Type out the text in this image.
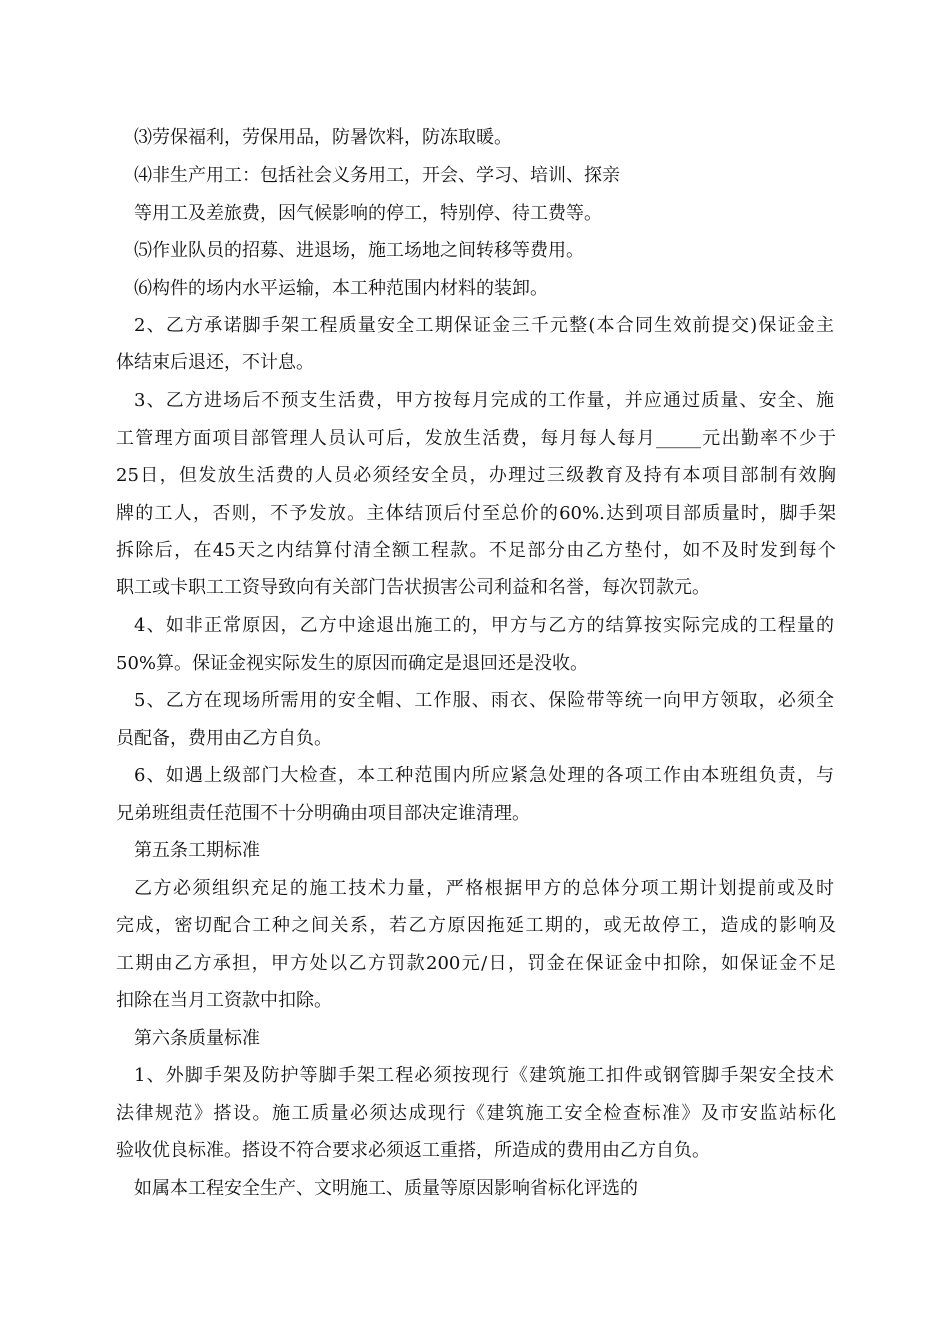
⑶劳保福利，劳保用品，防暑饮料，防冻取暖。
⑷非生产用工：包括社会义务用工，开会、学习、培训、探亲
等用工及差旅费，因气候影响的停工，特别停、待工费等。
⑸作业队员的招募、进退场，施工场地之间转移等费用。
⑹构件的场内水平运输，本工种范围内材料的装卸。
2、乙方承诺脚手架工程质量安全工期保证金三千元整(本合同生效前提交)保证金主
体结束后退还，不计息。
3、乙方进场后不预支生活费，甲方按每月完成的工作量，并应通过质量、安全、施
工管理方面项目部管理人员认可后，发放生活费，每月每人每月_____元出勤率不少于
25日，但发放生活费的人员必须经安全员，办理过三级教育及持有本项目部制有效胸
牌的工人，否则，不予发放。主体结顶后付至总价的60%.达到项目部质量时，脚手架
拆除后，在45天之内结算付清全额工程款。不足部分由乙方垫付，如不及时发到每个
职工或卡职工工资导致向有关部门告状损害公司利益和名誉，每次罚款元。
4、如非正常原因，乙方中途退出施工的，甲方与乙方的结算按实际完成的工程量的
50%算。保证金视实际发生的原因而确定是退回还是没收。
5、乙方在现场所需用的安全帽、工作服、雨衣、保险带等统一向甲方领取，必须全
员配备，费用由乙方自负。
6、如遇上级部门大检查，本工种范围内所应紧急处理的各项工作由本班组负责，与
兄弟班组责任范围不十分明确由项目部决定谁清理。
第五条工期标准
乙方必须组织充足的施工技术力量，严格根据甲方的总体分项工期计划提前或及时
完成，密切配合工种之间关系，若乙方原因拖延工期的，或无故停工，造成的影响及
工期由乙方承担，甲方处以乙方罚款200元/日，罚金在保证金中扣除，如保证金不足
扣除在当月工资款中扣除。
第六条质量标准
1、外脚手架及防护等脚手架工程必须按现行《建筑施工扣件或钢管脚手架安全技术
法律规范》搭设。施工质量必须达成现行《建筑施工安全检查标准》及市安监站标化
验收优良标准。搭设不符合要求必须返工重搭，所造成的费用由乙方自负。
如属本工程安全生产、文明施工、质量等原因影响省标化评选的
